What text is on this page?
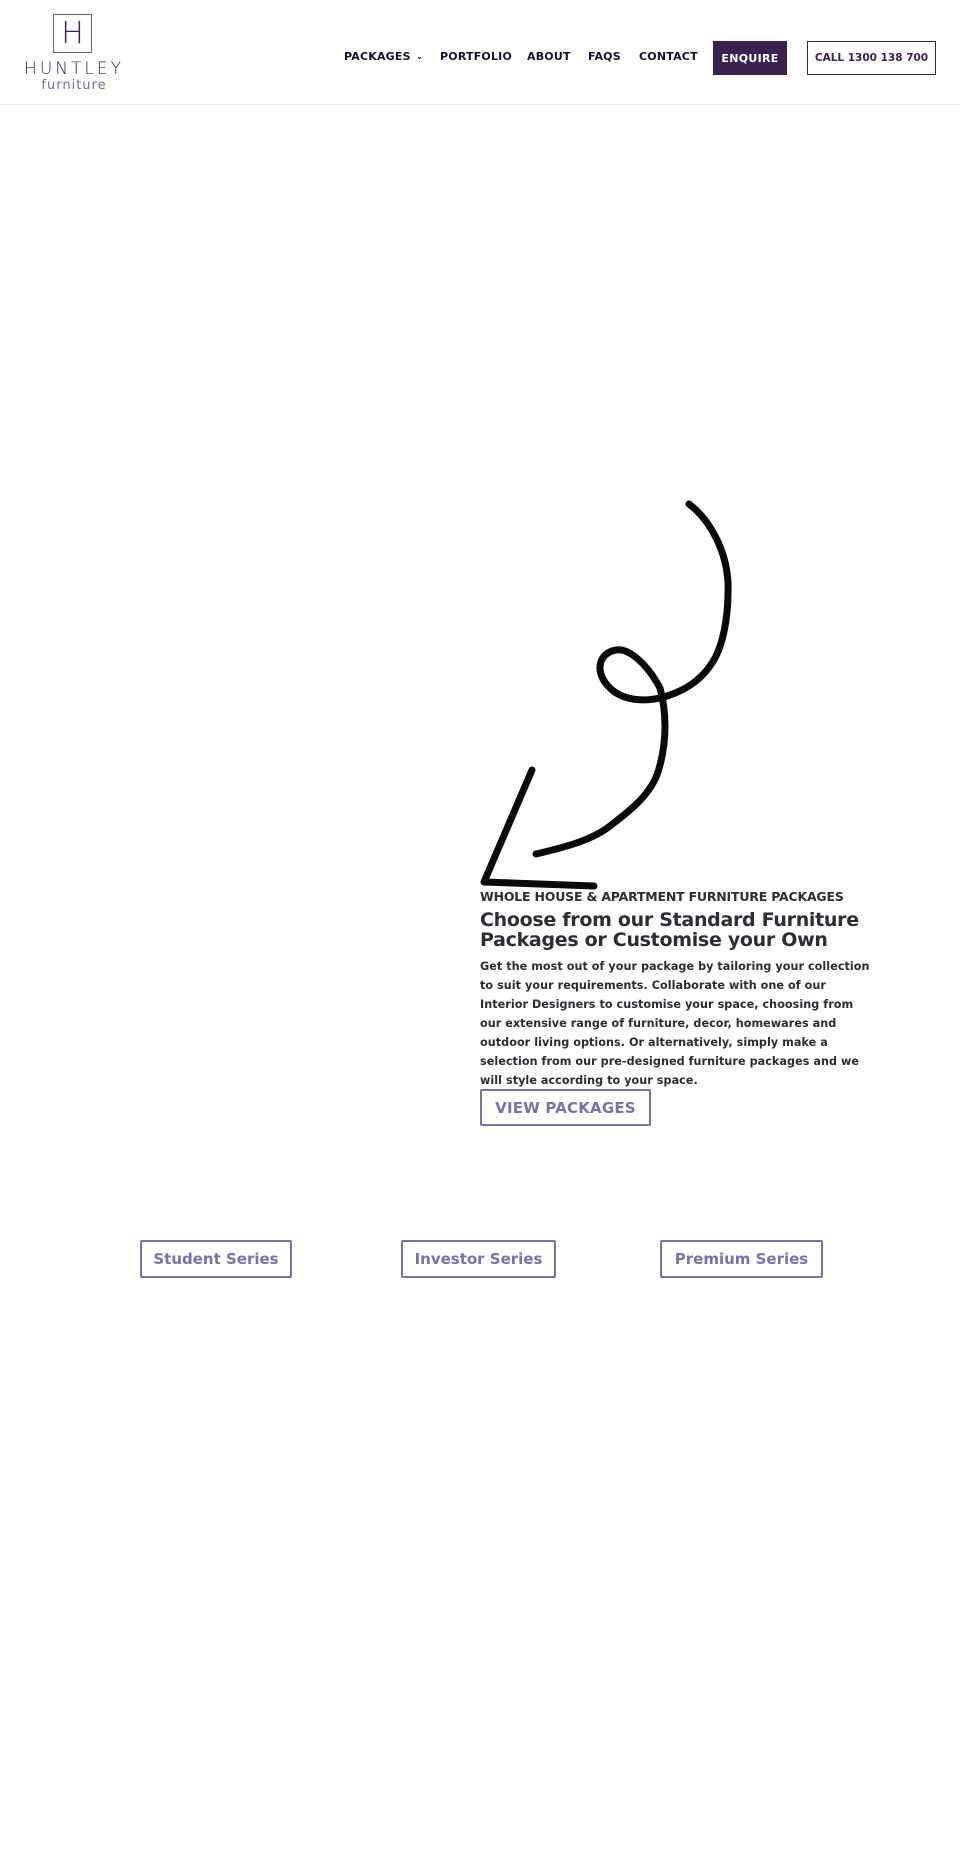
H
HUNTLEY
furniture
PACKAGES ⌄ PORTFOLIO ABOUT FAQS CONTACT	ENQUIRE	CALL 1300 138 700
WHOLE HOUSE & APARTMENT FURNITURE PACKAGES
Choose from our Standard Furniture Packages or Customise your Own
Get the most out of your package by tailoring your collection to suit your requirements. Collaborate with one of our Interior Designers to customise your space, choosing from our extensive range of furniture, decor, homewares and outdoor living options. Or alternatively, simply make a selection from our pre-designed furniture packages and we will style according to your space.
VIEW PACKAGES
Student Series	Investor Series	Premium Series
